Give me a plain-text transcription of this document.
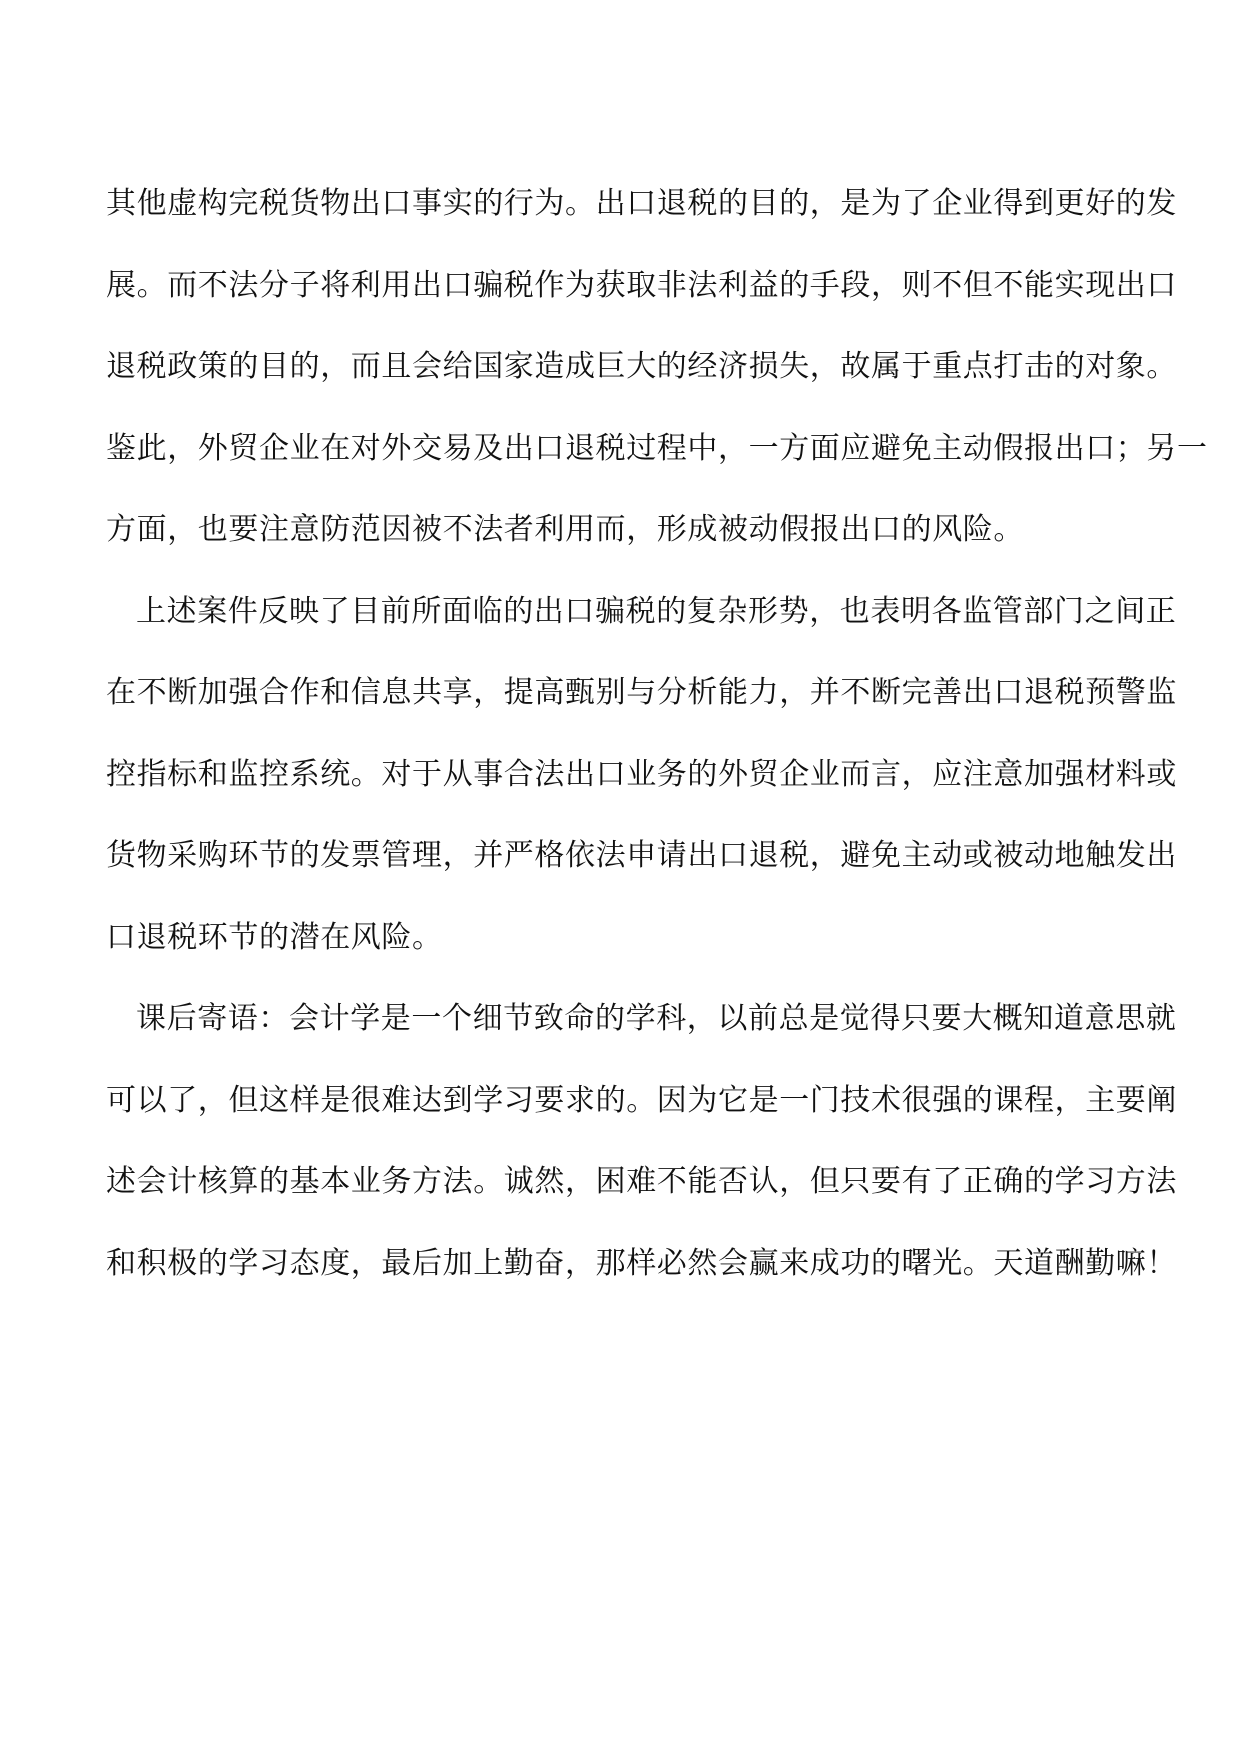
其他虚构完税货物出口事实的行为。出口退税的目的，是为了企业得到更好的发
展。而不法分子将利用出口骗税作为获取非法利益的手段，则不但不能实现出口
退税政策的目的，而且会给国家造成巨大的经济损失，故属于重点打击的对象。
鉴此，外贸企业在对外交易及出口退税过程中，一方面应避免主动假报出口；另一
方面，也要注意防范因被不法者利用而，形成被动假报出口的风险。
上述案件反映了目前所面临的出口骗税的复杂形势，也表明各监管部门之间正
在不断加强合作和信息共享，提高甄别与分析能力，并不断完善出口退税预警监
控指标和监控系统。对于从事合法出口业务的外贸企业而言，应注意加强材料或
货物采购环节的发票管理，并严格依法申请出口退税，避免主动或被动地触发出
口退税环节的潜在风险。
课后寄语：会计学是一个细节致命的学科，以前总是觉得只要大概知道意思就
可以了，但这样是很难达到学习要求的。因为它是一门技术很强的课程，主要阐
述会计核算的基本业务方法。诚然，困难不能否认，但只要有了正确的学习方法
和积极的学习态度，最后加上勤奋，那样必然会赢来成功的曙光。天道酬勤嘛！
